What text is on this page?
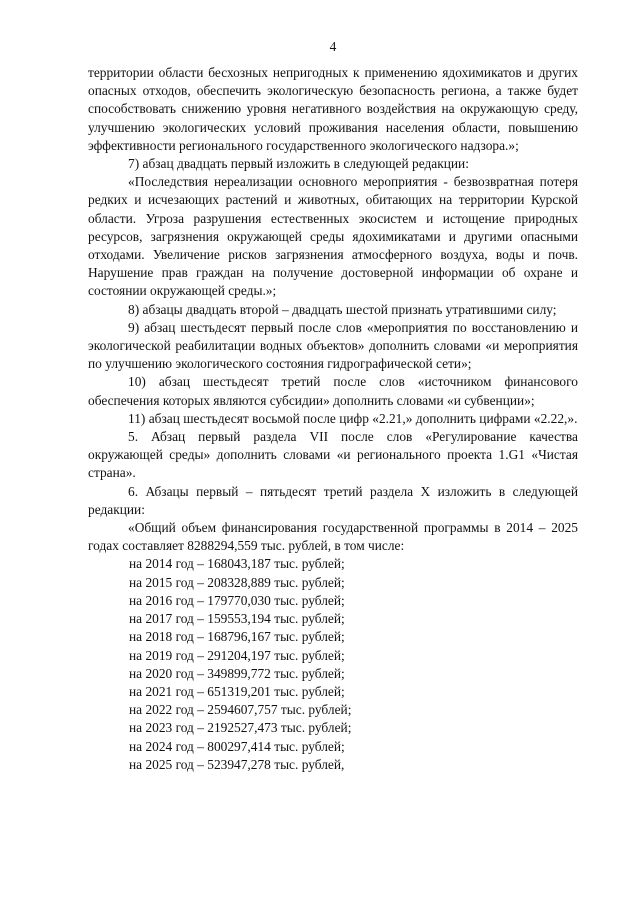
4

территории области бесхозных непригодных к применению ядохимикатов и других опасных отходов, обеспечить экологическую безопасность региона, а также будет способствовать снижению уровня негативного воздействия на окружающую среду, улучшению экологических условий проживания населения области, повышению эффективности регионального государственного экологического надзора.»;

7) абзац двадцать первый изложить в следующей редакции:

«Последствия нереализации основного мероприятия - безвозвратная потеря редких и исчезающих растений и животных, обитающих на территории Курской области. Угроза разрушения естественных экосистем и истощение природных ресурсов, загрязнения окружающей среды ядохимикатами и другими опасными отходами. Увеличение рисков загрязнения атмосферного воздуха, воды и почв. Нарушение прав граждан на получение достоверной информации об охране и состоянии окружающей среды.»;

8) абзацы двадцать второй – двадцать шестой признать утратившими силу;

9) абзац шестьдесят первый после слов «мероприятия по восстановлению и экологической реабилитации водных объектов» дополнить словами «и мероприятия по улучшению экологического состояния гидрографической сети»;

10) абзац шестьдесят третий после слов «источником финансового обеспечения которых являются субсидии» дополнить словами «и субвенции»;

11) абзац шестьдесят восьмой после цифр «2.21,» дополнить цифрами «2.22,».

5. Абзац первый раздела VII после слов «Регулирование качества окружающей среды» дополнить словами «и регионального проекта 1.G1 «Чистая страна».

6. Абзацы первый – пятьдесят третий раздела X изложить в следующей редакции:

«Общий объем финансирования государственной программы в 2014 – 2025 годах составляет 8288294,559 тыс. рублей, в том числе:

на 2014 год – 168043,187 тыс. рублей;
на 2015 год – 208328,889 тыс. рублей;
на 2016 год – 179770,030 тыс. рублей;
на 2017 год – 159553,194 тыс. рублей;
на 2018 год – 168796,167 тыс. рублей;
на 2019 год – 291204,197 тыс. рублей;
на 2020 год – 349899,772 тыс. рублей;
на 2021 год – 651319,201 тыс. рублей;
на 2022 год – 2594607,757 тыс. рублей;
на 2023 год – 2192527,473 тыс. рублей;
на 2024 год – 800297,414 тыс. рублей;
на 2025 год – 523947,278 тыс. рублей,
